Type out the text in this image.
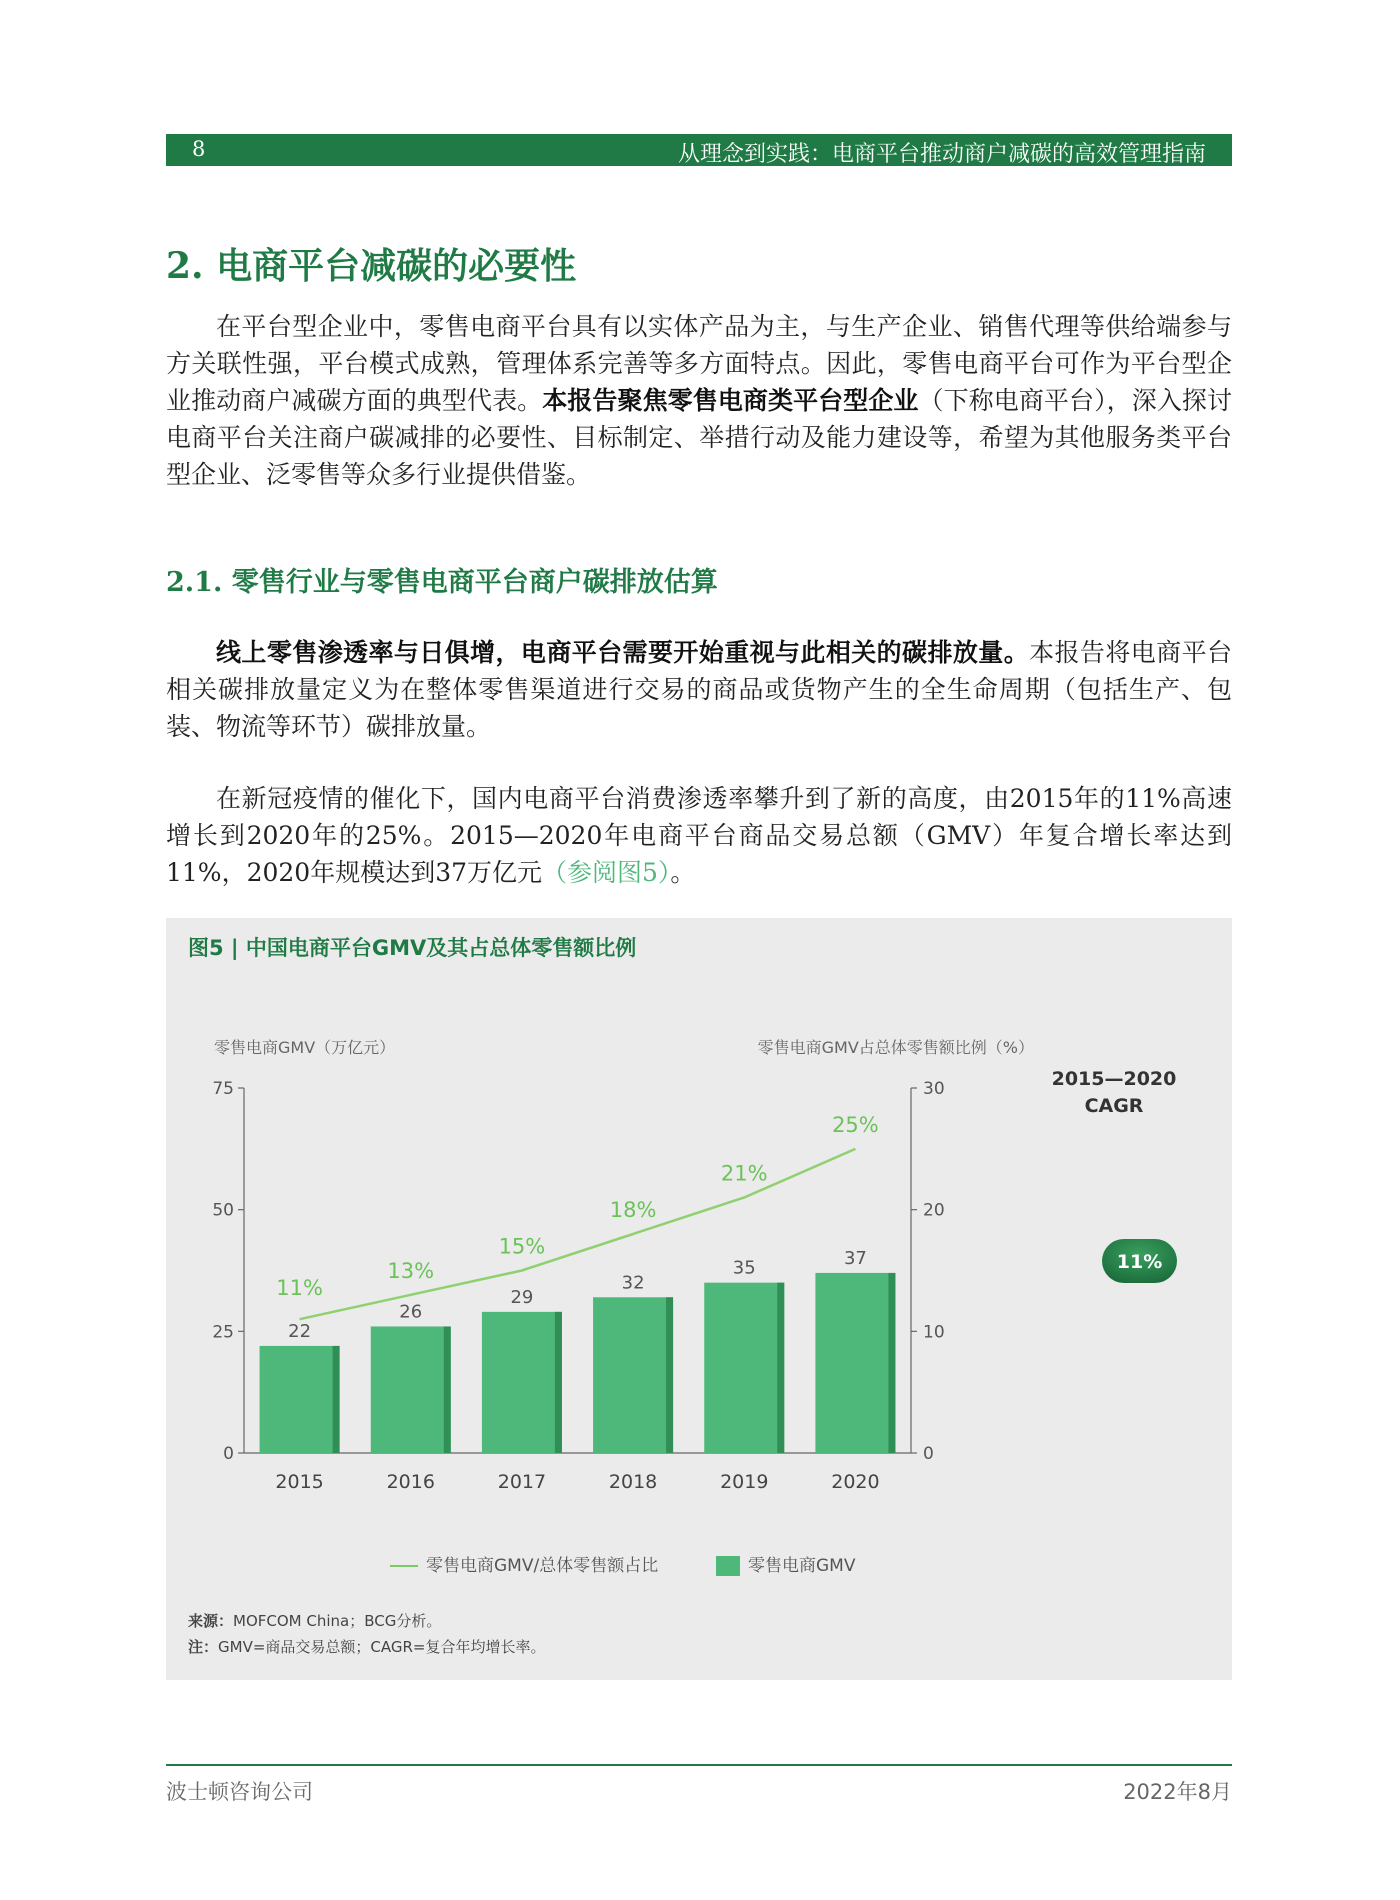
8	从理念到实践：电商平台推动商户减碳的高效管理指南
2. 电商平台减碳的必要性
在平台型企业中，零售电商平台具有以实体产品为主，与生产企业、销售代理等供给端参与方关联性强，平台模式成熟，管理体系完善等多方面特点。因此，零售电商平台可作为平台型企业推动商户减碳方面的典型代表。本报告聚焦零售电商类平台型企业（下称电商平台），深入探讨电商平台关注商户碳减排的必要性、目标制定、举措行动及能力建设等，希望为其他服务类平台型企业、泛零售等众多行业提供借鉴。
2.1. 零售行业与零售电商平台商户碳排放估算
线上零售渗透率与日俱增，电商平台需要开始重视与此相关的碳排放量。本报告将电商平台相关碳排放量定义为在整体零售渠道进行交易的商品或货物产生的全生命周期（包括生产、包装、物流等环节）碳排放量。
在新冠疫情的催化下，国内电商平台消费渗透率攀升到了新的高度，由2015年的11%高速增长到2020年的25%。2015—2020年电商平台商品交易总额（GMV）年复合增长率达到11%，2020年规模达到37万亿元（参阅图5）。
图5 | 中国电商平台GMV及其占总体零售额比例
零售电商GMV（万亿元）	零售电商GMV占总体零售额比例（%）
0
25
50
75
0
10
20
30
22
2015
26
2016
29
2017
32
2018
35
2019
37
2020
11%
13%
15%
18%
21%
25%
11%
2015—2020
CAGR
零售电商GMV/总体零售额占比	零售电商GMV
来源：MOFCOM China；BCG分析。
注：GMV=商品交易总额；CAGR=复合年均增长率。
波士顿咨询公司	2022年8月
